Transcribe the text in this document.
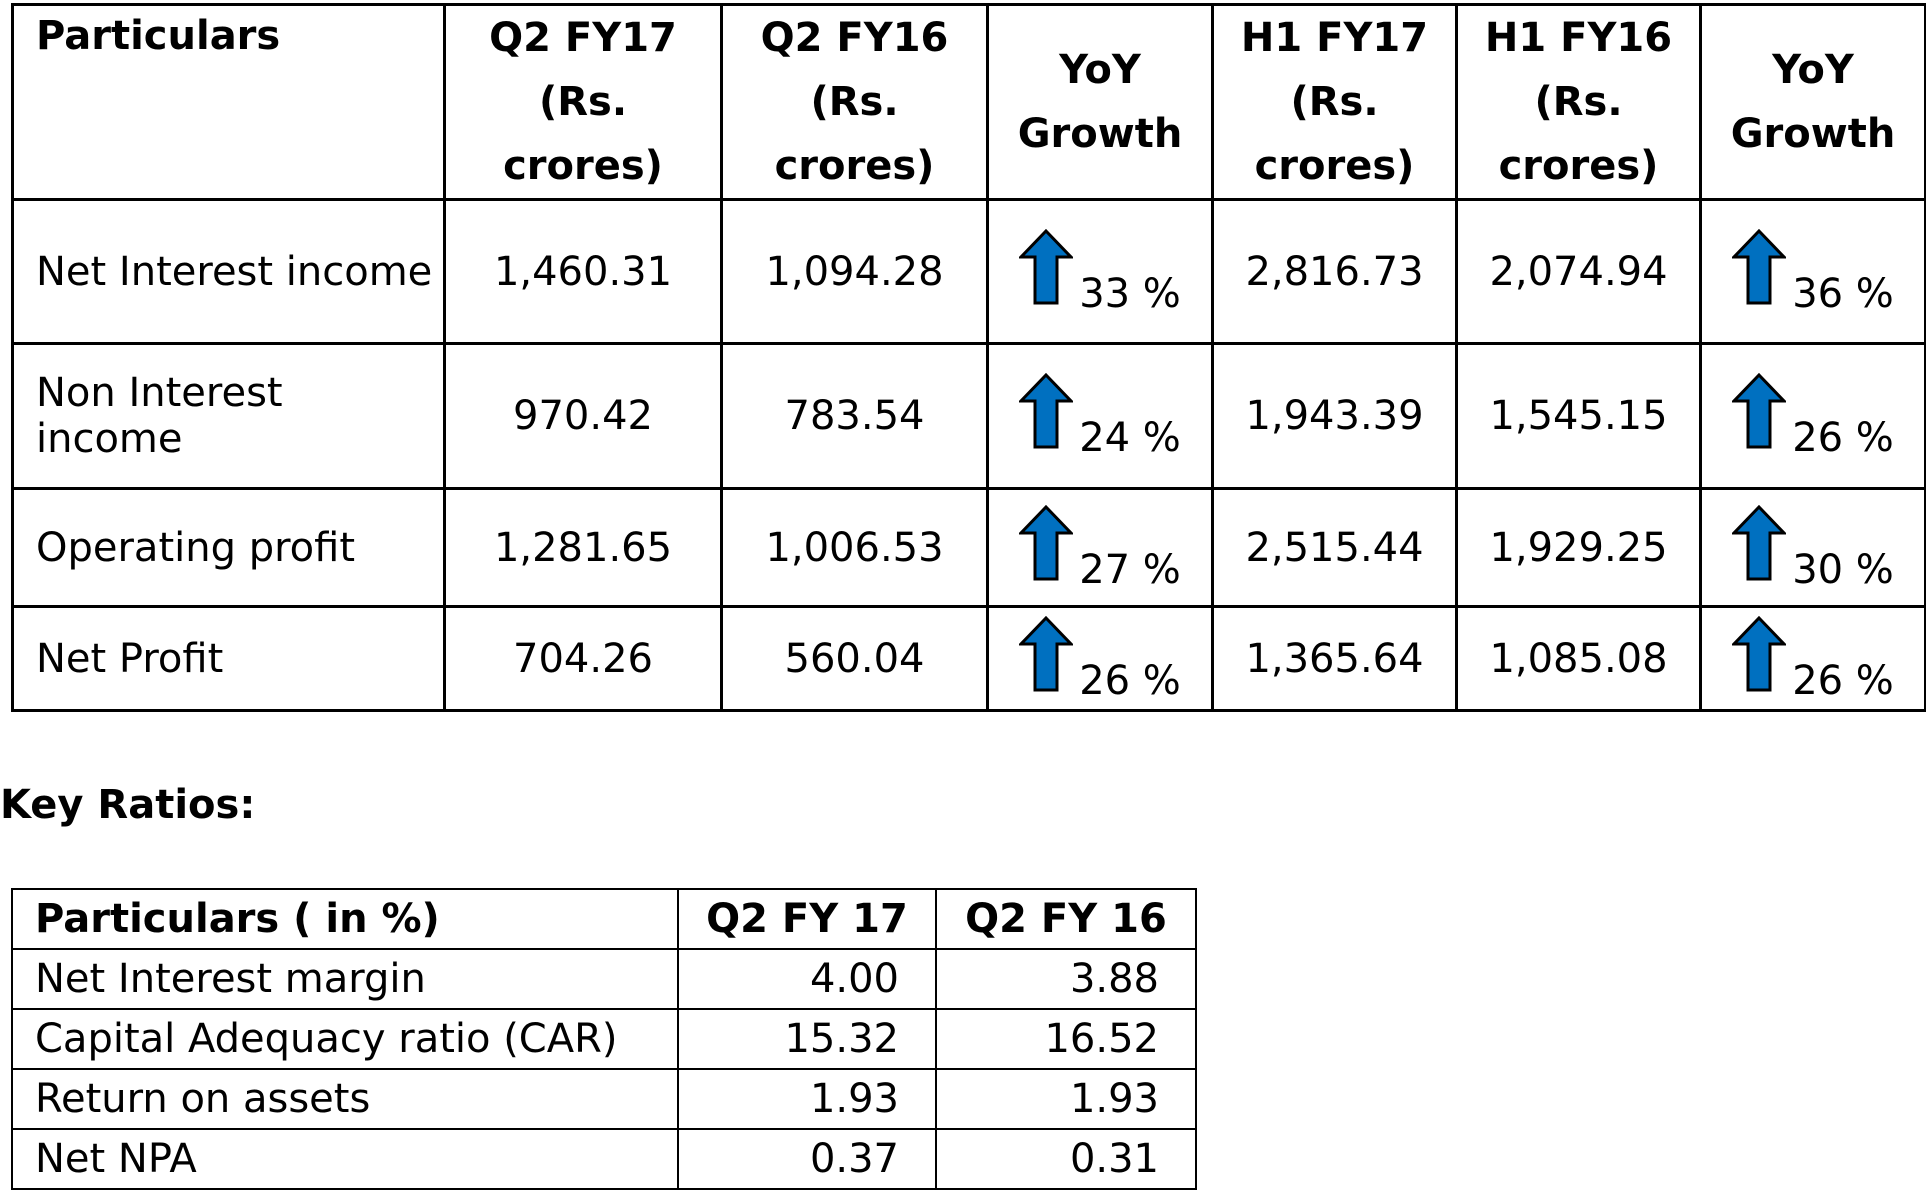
Particulars	Q2 FY17 (Rs. crores)	Q2 FY16 (Rs. crores)	YoY Growth	H1 FY17 (Rs. crores)	H1 FY16 (Rs. crores)	YoY Growth
Net Interest income	1,460.31	1,094.28	33 %	2,816.73	2,074.94	36 %

Non Interest income	970.42	783.54	24 %	1,943.39	1,545.15	26 %

Operating profit	1,281.65	1,006.53	27 %	2,515.44	1,929.25	30 %

Net Profit	704.26	560.04	26 %	1,365.64	1,085.08	26 %
Key Ratios:
Particulars ( in %)	Q2 FY 17	Q2 FY 16
Net Interest margin	4.00	3.88
Capital Adequacy ratio (CAR)	15.32	16.52
Return on assets	1.93	1.93
Net NPA	0.37	0.31
